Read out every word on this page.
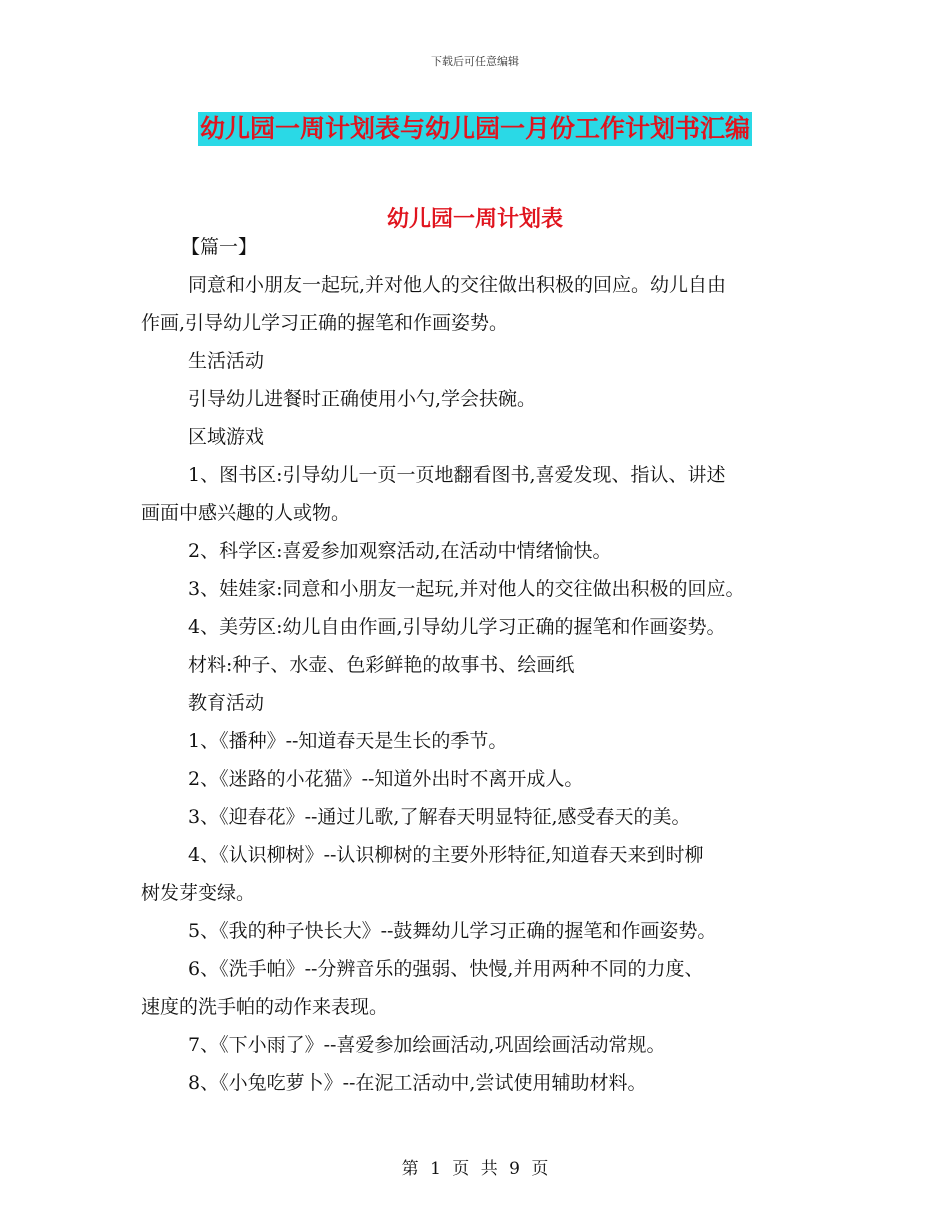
下载后可任意编辑
幼儿园一周计划表与幼儿园一月份工作计划书汇编
幼儿园一周计划表
【篇一】
同意和小朋友一起玩,并对他人的交往做出积极的回应。幼儿自由
作画,引导幼儿学习正确的握笔和作画姿势。
生活活动
引导幼儿进餐时正确使用小勺,学会扶碗。
区域游戏
1、图书区:引导幼儿一页一页地翻看图书,喜爱发现、指认、讲述
画面中感兴趣的人或物。
2、科学区:喜爱参加观察活动,在活动中情绪愉快。
3、娃娃家:同意和小朋友一起玩,并对他人的交往做出积极的回应。
4、美劳区:幼儿自由作画,引导幼儿学习正确的握笔和作画姿势。
材料:种子、水壶、色彩鲜艳的故事书、绘画纸
教育活动
1、《播种》--知道春天是生长的季节。
2、《迷路的小花猫》--知道外出时不离开成人。
3、《迎春花》--通过儿歌,了解春天明显特征,感受春天的美。
4、《认识柳树》--认识柳树的主要外形特征,知道春天来到时柳
树发芽变绿。
5、《我的种子快长大》--鼓舞幼儿学习正确的握笔和作画姿势。
6、《洗手帕》--分辨音乐的强弱、快慢,并用两种不同的力度、
速度的洗手帕的动作来表现。
7、《下小雨了》--喜爱参加绘画活动,巩固绘画活动常规。
8、《小兔吃萝卜》--在泥工活动中,尝试使用辅助材料。
第 1 页 共 9 页
